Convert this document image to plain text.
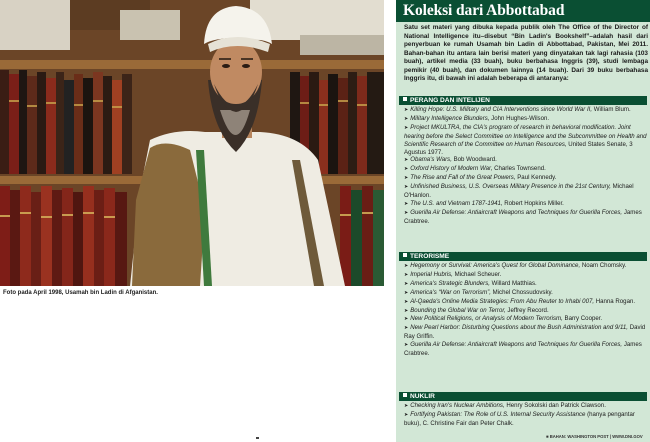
Foto pada April 1998, Usamah bin Ladin di Afganistan.
Koleksi dari Abbottabad

Satu set materi yang dibuka kepada publik oleh The Office of the Director of National Intelligence itu–disebut “Bin Ladin's Bookshelf”–adalah hasil dari penyerbuan ke rumah Usamah bin Ladin di Abbottabad, Pakistan, Mei 2011. Bahan-bahan itu antara lain berisi materi yang dinyatakan tak lagi rahasia (103 buah), artikel media (33 buah), buku berbahasa Inggris (39), studi lembaga pemikir (40 buah), dan dokumen lainnya (14 buah). Dari 39 buku berbahasa Inggris itu, di bawah ini adalah beberapa di antaranya:

PERANG DAN INTELIJEN
➤ Killing Hope: U.S. Military and CIA Interventions since World War II, William Blum.
➤ Military Intelligence Blunders, John Hughes-Wilson.
➤ Project MKULTRA, the CIA's program of research in behavioral modification. Joint hearing before the Select Committee on Intelligence and the Subcommittee on Health and Scientific Research of the Committee on Human Resources, United States Senate, 3 Agustus 1977.
➤ Obama's Wars, Bob Woodward.
➤ Oxford History of Modern War, Charles Townsend.
➤ The Rise and Fall of the Great Powers, Paul Kennedy.
➤ Unfinished Business, U.S. Overseas Military Presence in the 21st Century, Michael O'Hanlon.
➤ The U.S. and Vietnam 1787-1941, Robert Hopkins Miller.
➤ Guerilla Air Defense: Antiaircraft Weapons and Techniques for Guerilla Forces, James Crabtree.
TERORISME
➤ Hegemony or Survival: America's Quest for Global Dominance, Noam Chomsky.
➤ Imperial Hubris, Michael Scheuer.
➤ America's Strategic Blunders, Willard Matthias.
➤ America's “War on Terrorism”, Michel Chossudovsky.
➤ Al-Qaeda's Online Media Strategies: From Abu Reuter to Irhabi 007, Hanna Rogan.
➤ Bounding the Global War on Terror, Jeffrey Record.
➤ New Political Religions, or Analysis of Modern Terrorism, Barry Cooper.
➤ New Pearl Harbor: Disturbing Questions about the Bush Administration and 9/11, David Ray Griffin.
➤ Guerilla Air Defense: Antiaircraft Weapons and Techniques for Guerilla Forces, James Crabtree.
NUKLIR
➤ Checking Iran's Nuclear Ambitions, Henry Sokolski dan Patrick Clawson.
➤ Fortifying Pakistan: The Role of U.S. Internal Security Assistance (hanya pengantar buku), C. Christine Fair dan Peter Chalk.
■ BAHAN: WASHINGTON POST | WWW.DNI.GOV
